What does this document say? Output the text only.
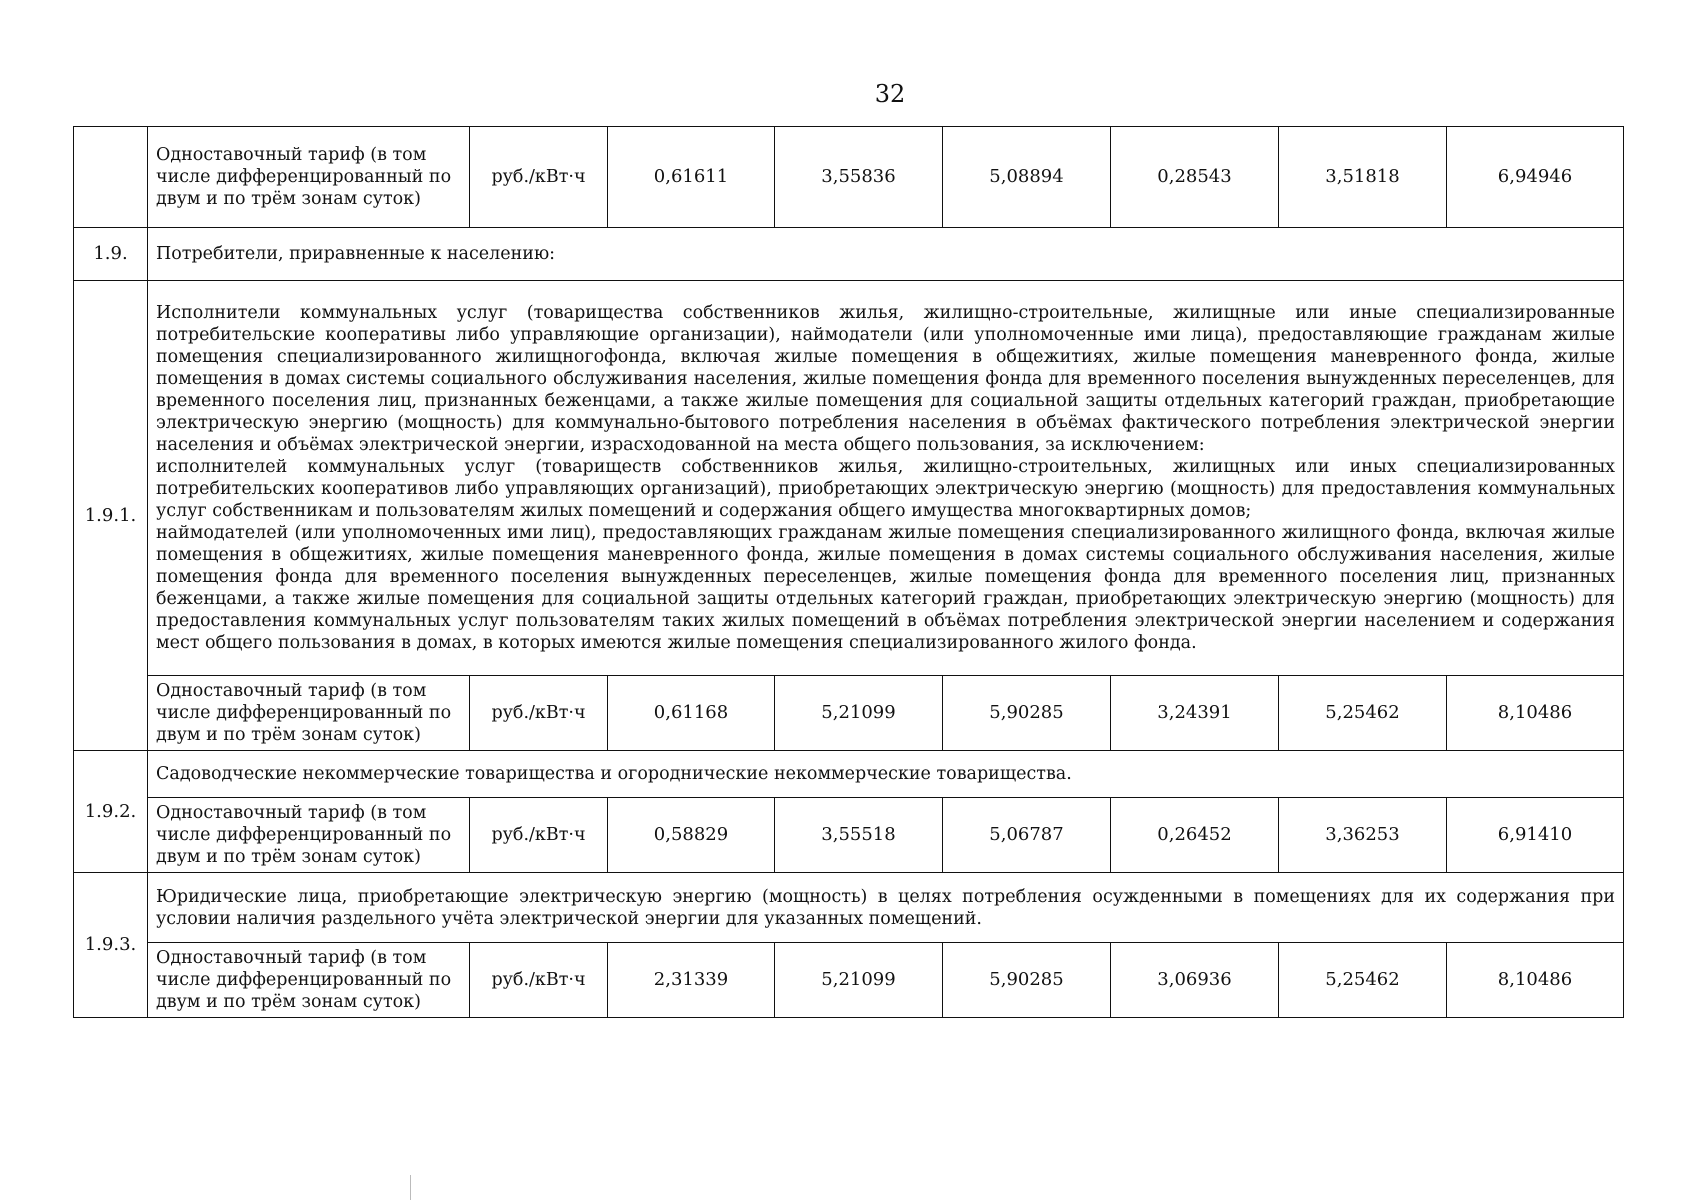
32
	Одноставочный тариф (в том числе дифференцированный по двум и по трём зонам суток)	руб./кВт·ч	0,61611	3,55836	5,08894	0,28543	3,51818	6,94946
1.9.	Потребители, приравненные к населению:							
1.9.1.	Исполнители коммунальных услуг (товарищества собственников жилья, жилищно-строительные, жилищные или иные специализированные потребительские кооперативы либо управляющие организации), наймодатели (или уполномоченные ими лица), предоставляющие гражданам жилые помещения специализированного жилищногофонда, включая жилые помещения в общежитиях, жилые помещения маневренного фонда, жилые помещения в домах системы социального обслуживания населения, жилые помещения фонда для временного поселения вынужденных переселенцев, для временного поселения лиц, признанных беженцами, а также жилые помещения для социальной защиты отдельных категорий граждан, приобретающие электрическую энергию (мощность) для коммунально-бытового потребления населения в объёмах фактического потребления электрической энергии населения и объёмах электрической энергии, израсходованной на места общего пользования, за исключением:
исполнителей коммунальных услуг (товариществ собственников жилья, жилищно-строительных, жилищных или иных специализированных потребительских кооперативов либо управляющих организаций), приобретающих электрическую энергию (мощность) для предоставления коммунальных услуг собственникам и пользователям жилых помещений и содержания общего имущества многоквартирных домов;
наймодателей (или уполномоченных ими лиц), предоставляющих гражданам жилые помещения специализированного жилищного фонда, включая жилые помещения в общежитиях, жилые помещения маневренного фонда, жилые помещения в домах системы социального обслуживания населения, жилые помещения фонда для временного поселения вынужденных переселенцев, жилые помещения фонда для временного поселения лиц, признанных беженцами, а также жилые помещения для социальной защиты отдельных категорий граждан, приобретающих электрическую энергию (мощность) для предоставления коммунальных услуг пользователям таких жилых помещений в объёмах потребления электрической энергии населением и содержания мест общего пользования в домах, в которых имеются жилые помещения специализированного жилого фонда.							

	Одноставочный тариф (в том числе дифференцированный по двум и по трём зонам суток)	руб./кВт·ч	0,61168	5,21099	5,90285	3,24391	5,25462	8,10486
1.9.2.	Садоводческие некоммерческие товарищества и огороднические некоммерческие товарищества.							
	Одноставочный тариф (в том числе дифференцированный по двум и по трём зонам суток)	руб./кВт·ч	0,58829	3,55518	5,06787	0,26452	3,36253	6,91410
1.9.3.	Юридические лица, приобретающие электрическую энергию (мощность) в целях потребления осужденными в помещениях для их содержания при условии наличия раздельного учёта электрической энергии для указанных помещений.							
	Одноставочный тариф (в том числе дифференцированный по двум и по трём зонам суток)	руб./кВт·ч	2,31339	5,21099	5,90285	3,06936	5,25462	8,10486
